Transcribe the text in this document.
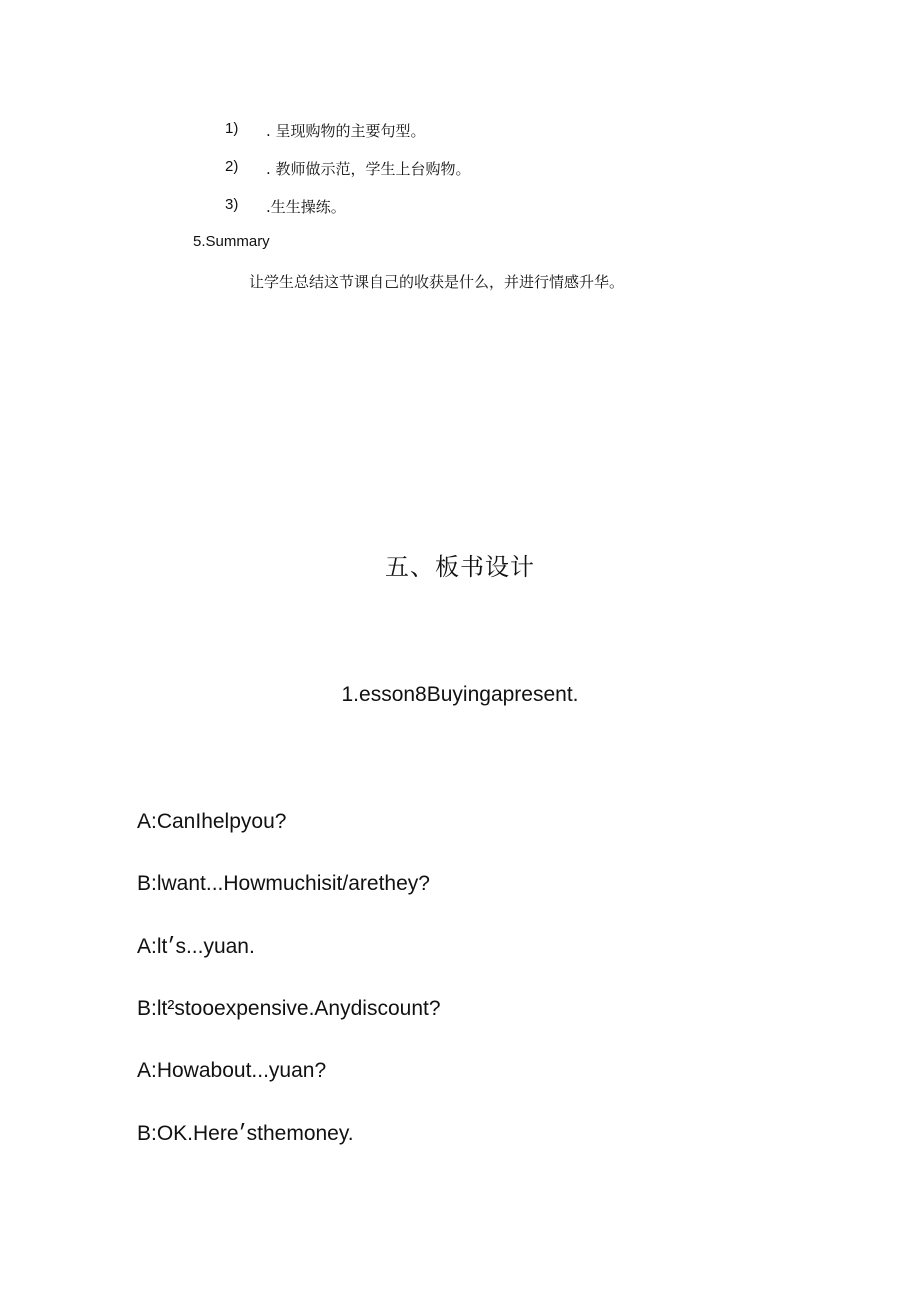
1) . 呈现购物的主要句型。
2) . 教师做示范，学生上台购物。
3) .生生操练。
5.Summary
让学生总结这节课自己的收获是什么，并进行情感升华。
五、板书设计
1.esson8Buyingapresent.
A:CanIhelpyou?
B:lwant...Howmuchisit/arethey?
A:lt׳s...yuan.
B:lt²stooexpensive.Anydiscount?
A:Howabout...yuan?
B:OK.Here׳sthemoney.
